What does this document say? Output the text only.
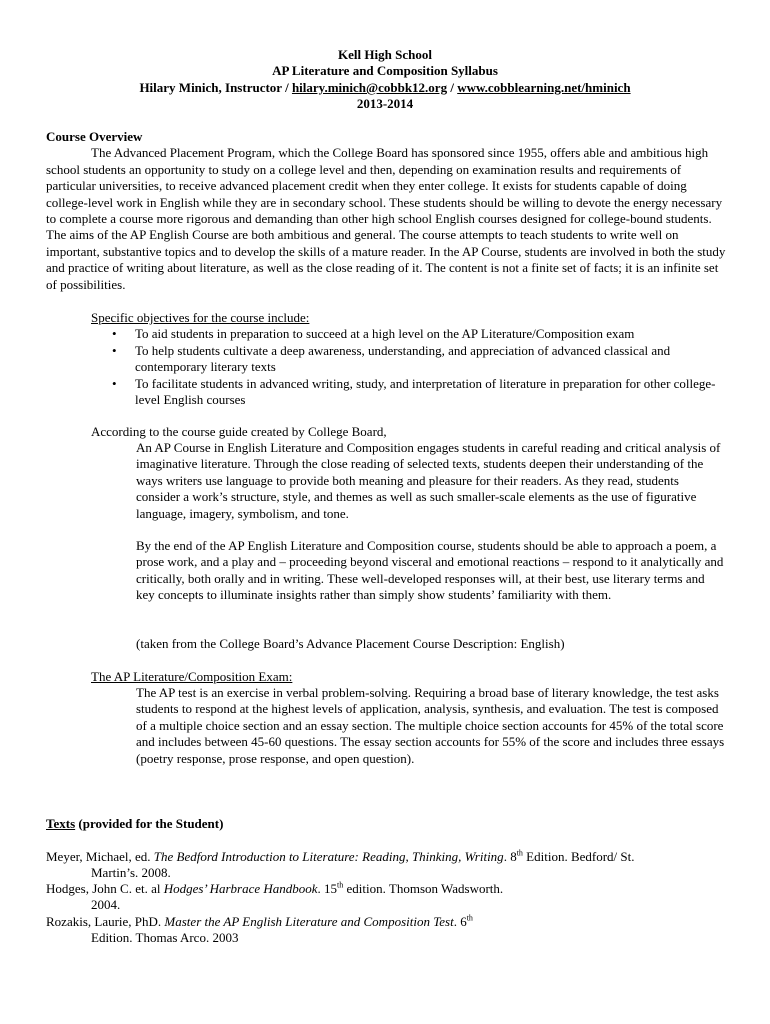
Kell High School
AP Literature and Composition Syllabus
Hilary Minich, Instructor / hilary.minich@cobbk12.org / www.cobblearning.net/hminich
2013-2014
Course Overview

The Advanced Placement Program, which the College Board has sponsored since 1955, offers able and ambitious high school students an opportunity to study on a college level and then, depending on examination results and requirements of particular universities, to receive advanced placement credit when they enter college. It exists for students capable of doing college-level work in English while they are in secondary school. These students should be willing to devote the energy necessary to complete a course more rigorous and demanding than other high school English courses designed for college-bound students. The aims of the AP English Course are both ambitious and general. The course attempts to teach students to write well on important, substantive topics and to develop the skills of a mature reader. In the AP Course, students are involved in both the study and practice of writing about literature, as well as the close reading of it. The content is not a finite set of facts; it is an infinite set of possibilities.

Specific objectives for the course include:
• To aid students in preparation to succeed at a high level on the AP Literature/Composition exam
• To help students cultivate a deep awareness, understanding, and appreciation of advanced classical and contemporary literary texts
• To facilitate students in advanced writing, study, and interpretation of literature in preparation for other college-level English courses
According to the course guide created by College Board,
An AP Course in English Literature and Composition engages students in careful reading and critical analysis of imaginative literature. Through the close reading of selected texts, students deepen their understanding of the ways writers use language to provide both meaning and pleasure for their readers. As they read, students consider a work’s structure, style, and themes as well as such smaller-scale elements as the use of figurative language, imagery, symbolism, and tone.
By the end of the AP English Literature and Composition course, students should be able to approach a poem, a prose work, and a play and – proceeding beyond visceral and emotional reactions – respond to it analytically and critically, both orally and in writing. These well-developed responses will, at their best, use literary terms and key concepts to illuminate insights rather than simply show students’ familiarity with them.
(taken from the College Board’s Advance Placement Course Description: English)
The AP Literature/Composition Exam:
The AP test is an exercise in verbal problem-solving. Requiring a broad base of literary knowledge, the test asks students to respond at the highest levels of application, analysis, synthesis, and evaluation. The test is composed of a multiple choice section and an essay section. The multiple choice section accounts for 45% of the total score and includes between 45-60 questions. The essay section accounts for 55% of the score and includes three essays (poetry response, prose response, and open question).
Texts (provided for the Student)
Meyer, Michael, ed. The Bedford Introduction to Literature: Reading, Thinking, Writing. 8th Edition. Bedford/ St.
Martin’s. 2008.
Hodges, John C. et. al Hodges’ Harbrace Handbook. 15th edition. Thomson Wadsworth.
2004.
Rozakis, Laurie, PhD. Master the AP English Literature and Composition Test. 6th
Edition. Thomas Arco. 2003
